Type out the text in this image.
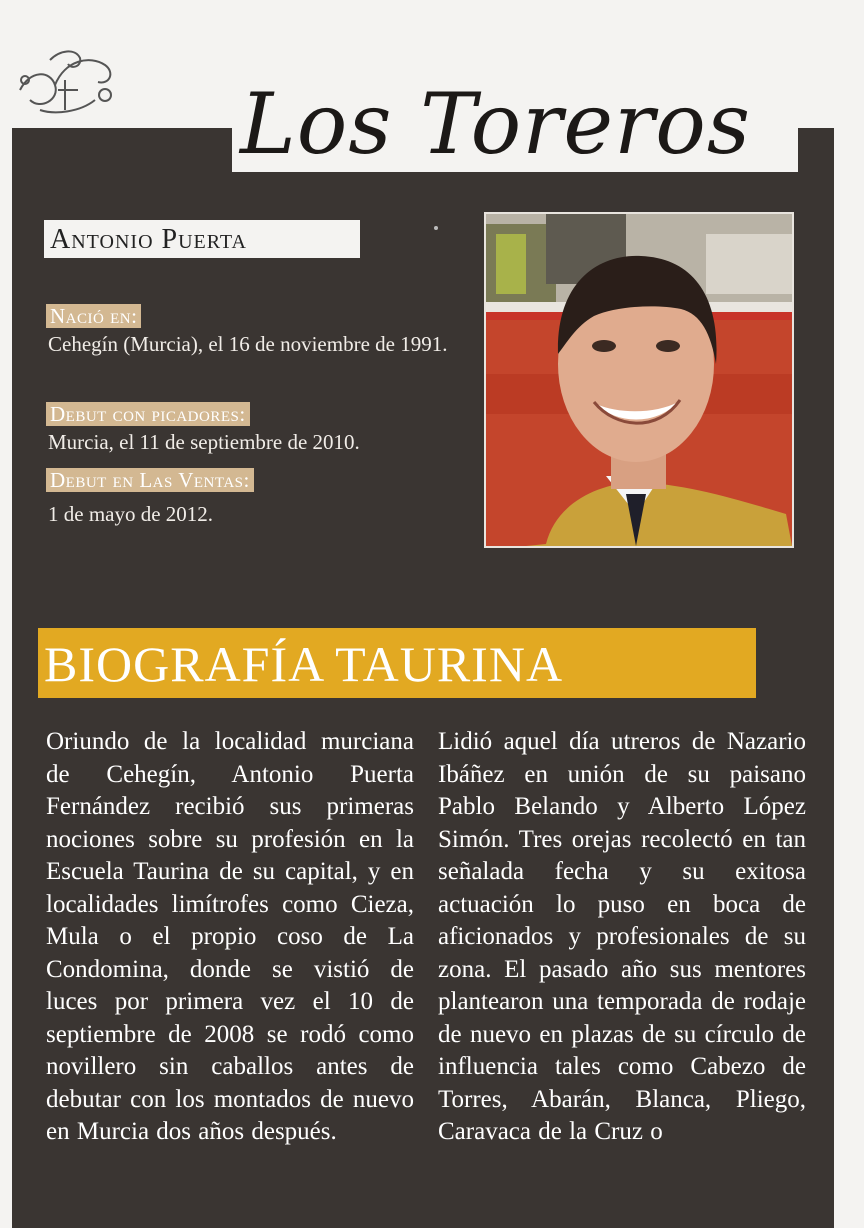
Los Toreros
Antonio Puerta
Nació en:
Cehegín (Murcia), el 16 de noviembre de 1991.
Debut con picadores:
Murcia, el 11 de septiembre de 2010.
Debut en Las Ventas:
1 de mayo de 2012.
BIOGRAFÍA TAURINA
Oriundo de la localidad murciana de Cehegín, Antonio Puerta Fernández recibió sus primeras nociones sobre su profesión en la Escuela Taurina de su capital, y en localidades limítrofes como Cieza, Mula o el propio coso de La Condomina, donde se vistió de luces por primera vez el 10 de septiembre de 2008 se rodó como novillero sin caballos antes de debutar con los montados de nuevo en Murcia dos años después.
Lidió aquel día utreros de Nazario Ibáñez en unión de su paisano Pablo Belando y Alberto López Simón. Tres orejas recolectó en tan señalada fecha y su exitosa actuación lo puso en boca de aficionados y profesionales de su zona. El pasado año sus mentores plantearon una temporada de rodaje de nuevo en plazas de su círculo de influencia tales como Cabezo de Torres, Abarán, Blanca, Pliego, Caravaca de la Cruz o
